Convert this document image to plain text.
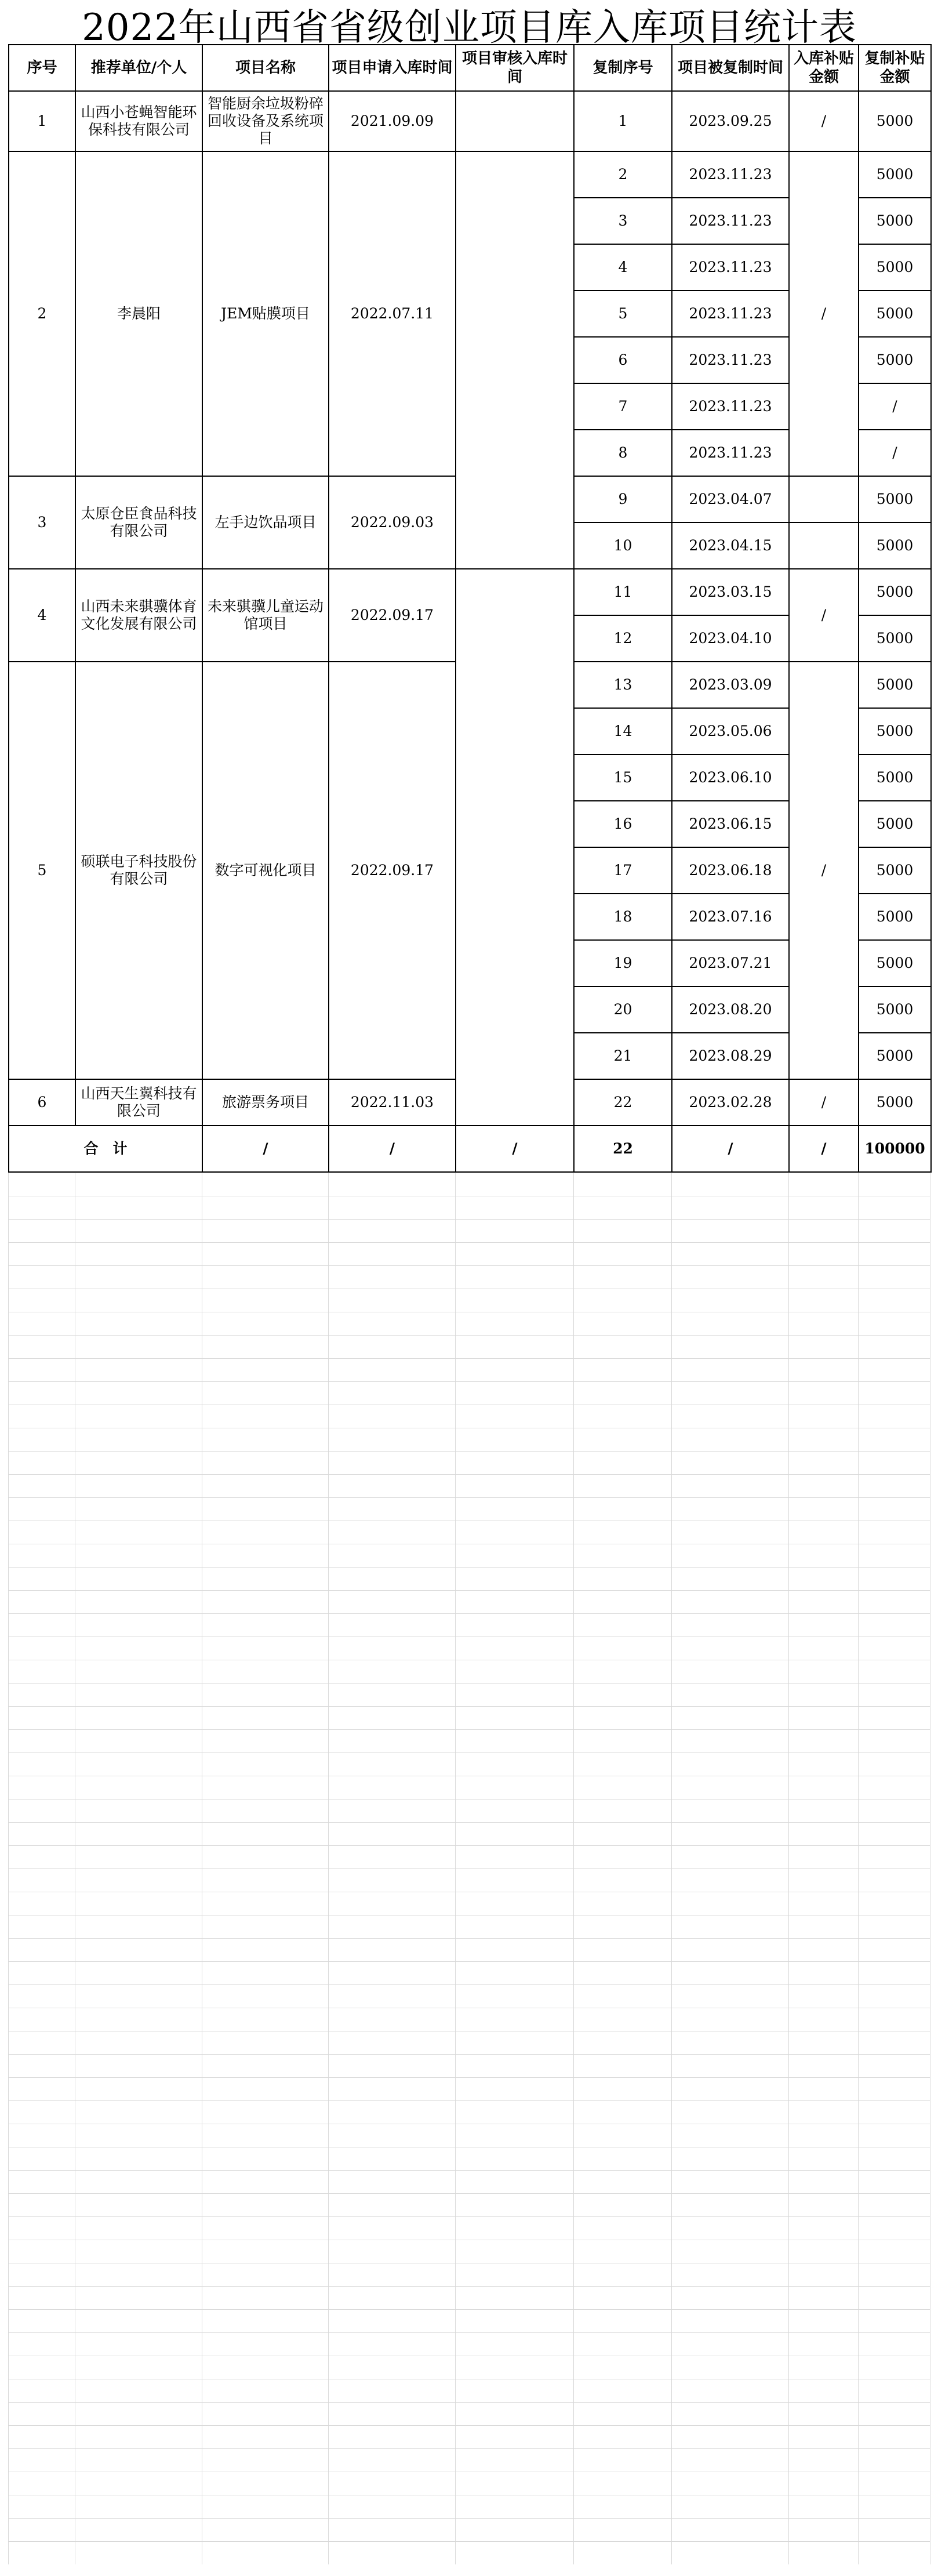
2022年山西省省级创业项目库入库项目统计表
序号	推荐单位/个人	项目名称	项目申请入库时间	项目审核入库时间	复制序号	项目被复制时间	入库补贴金额	复制补贴金额
1	山西小苍蝇智能环保科技有限公司	智能厨余垃圾粉碎回收设备及系统项目	2021.09.09		1	2023.09.25	/	5000
2	李晨阳	JEM贴膜项目	2022.07.11		2	2023.11.23	/	5000
					3	2023.11.23		5000
					4	2023.11.23		5000
					5	2023.11.23		5000
					6	2023.11.23		5000
					7	2023.11.23		/
					8	2023.11.23		/
3	太原仓臣食品科技有限公司	左手边饮品项目	2022.09.03		9	2023.04.07		5000
					10	2023.04.15		5000
4	山西未来骐骥体育文化发展有限公司	未来骐骥儿童运动馆项目	2022.09.17		11	2023.03.15	/	5000
					12	2023.04.10		5000
5	硕联电子科技股份有限公司	数字可视化项目	2022.09.17		13	2023.03.09	/	5000
					14	2023.05.06		5000
					15	2023.06.10		5000
					16	2023.06.15		5000
					17	2023.06.18		5000
					18	2023.07.16		5000
					19	2023.07.21		5000
					20	2023.08.20		5000
					21	2023.08.29		5000
6	山西天生翼科技有限公司	旅游票务项目	2022.11.03		22	2023.02.28	/	5000
合　计		/	/	/	22	/	/	100000
